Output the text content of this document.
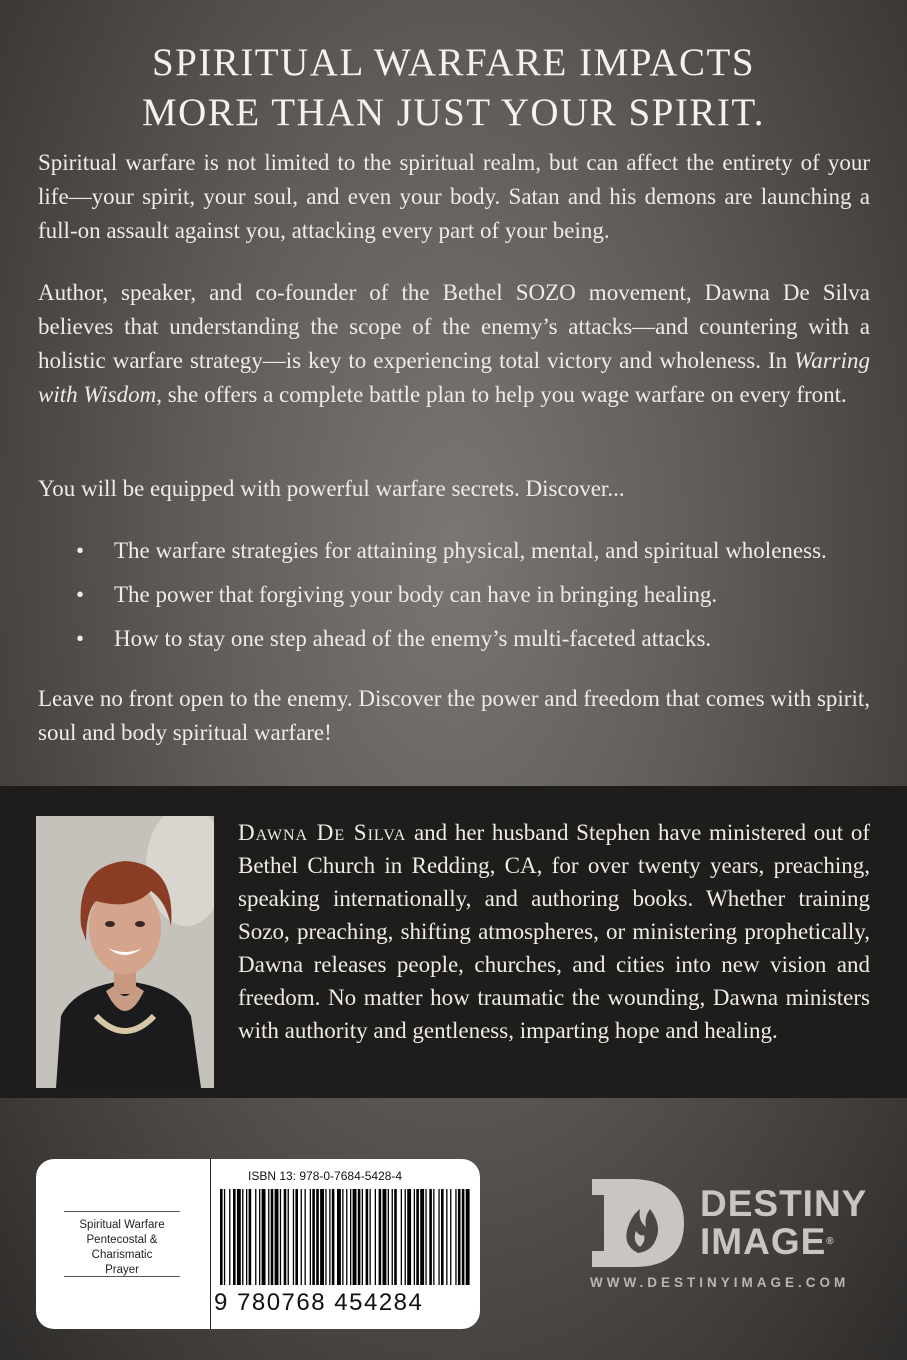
SPIRITUAL WARFARE IMPACTS
MORE THAN JUST YOUR SPIRIT.
Spiritual warfare is not limited to the spiritual realm, but can affect the entirety of your life—your spirit, your soul, and even your body. Satan and his demons are launching a full-on assault against you, attacking every part of your being.
Author, speaker, and co-founder of the Bethel SOZO movement, Dawna De Silva believes that understanding the scope of the enemy’s attacks—and countering with a holistic warfare strategy—is key to experiencing total victory and wholeness. In Warring with Wisdom, she offers a complete battle plan to help you wage warfare on every front.
You will be equipped with powerful warfare secrets. Discover...
• The warfare strategies for attaining physical, mental, and spiritual wholeness.
• The power that forgiving your body can have in bringing healing.
• How to stay one step ahead of the enemy’s multi-faceted attacks.
Leave no front open to the enemy. Discover the power and freedom that comes with spirit, soul and body spiritual warfare!
Dawna De Silva and her husband Stephen have ministered out of Bethel Church in Redding, CA, for over twenty years, preaching, speaking internationally, and authoring books. Whether training Sozo, preaching, shifting atmospheres, or ministering prophetically, Dawna releases people, churches, and cities into new vision and freedom. No matter how traumatic the wounding, Dawna ministers with authority and gentleness, imparting hope and healing.
Spiritual Warfare
Pentecostal & Charismatic
Prayer
ISBN 13: 978-0-7684-5428-4
9 780768 454284
DESTINY
IMAGE®
WWW.DESTINYIMAGE.COM
